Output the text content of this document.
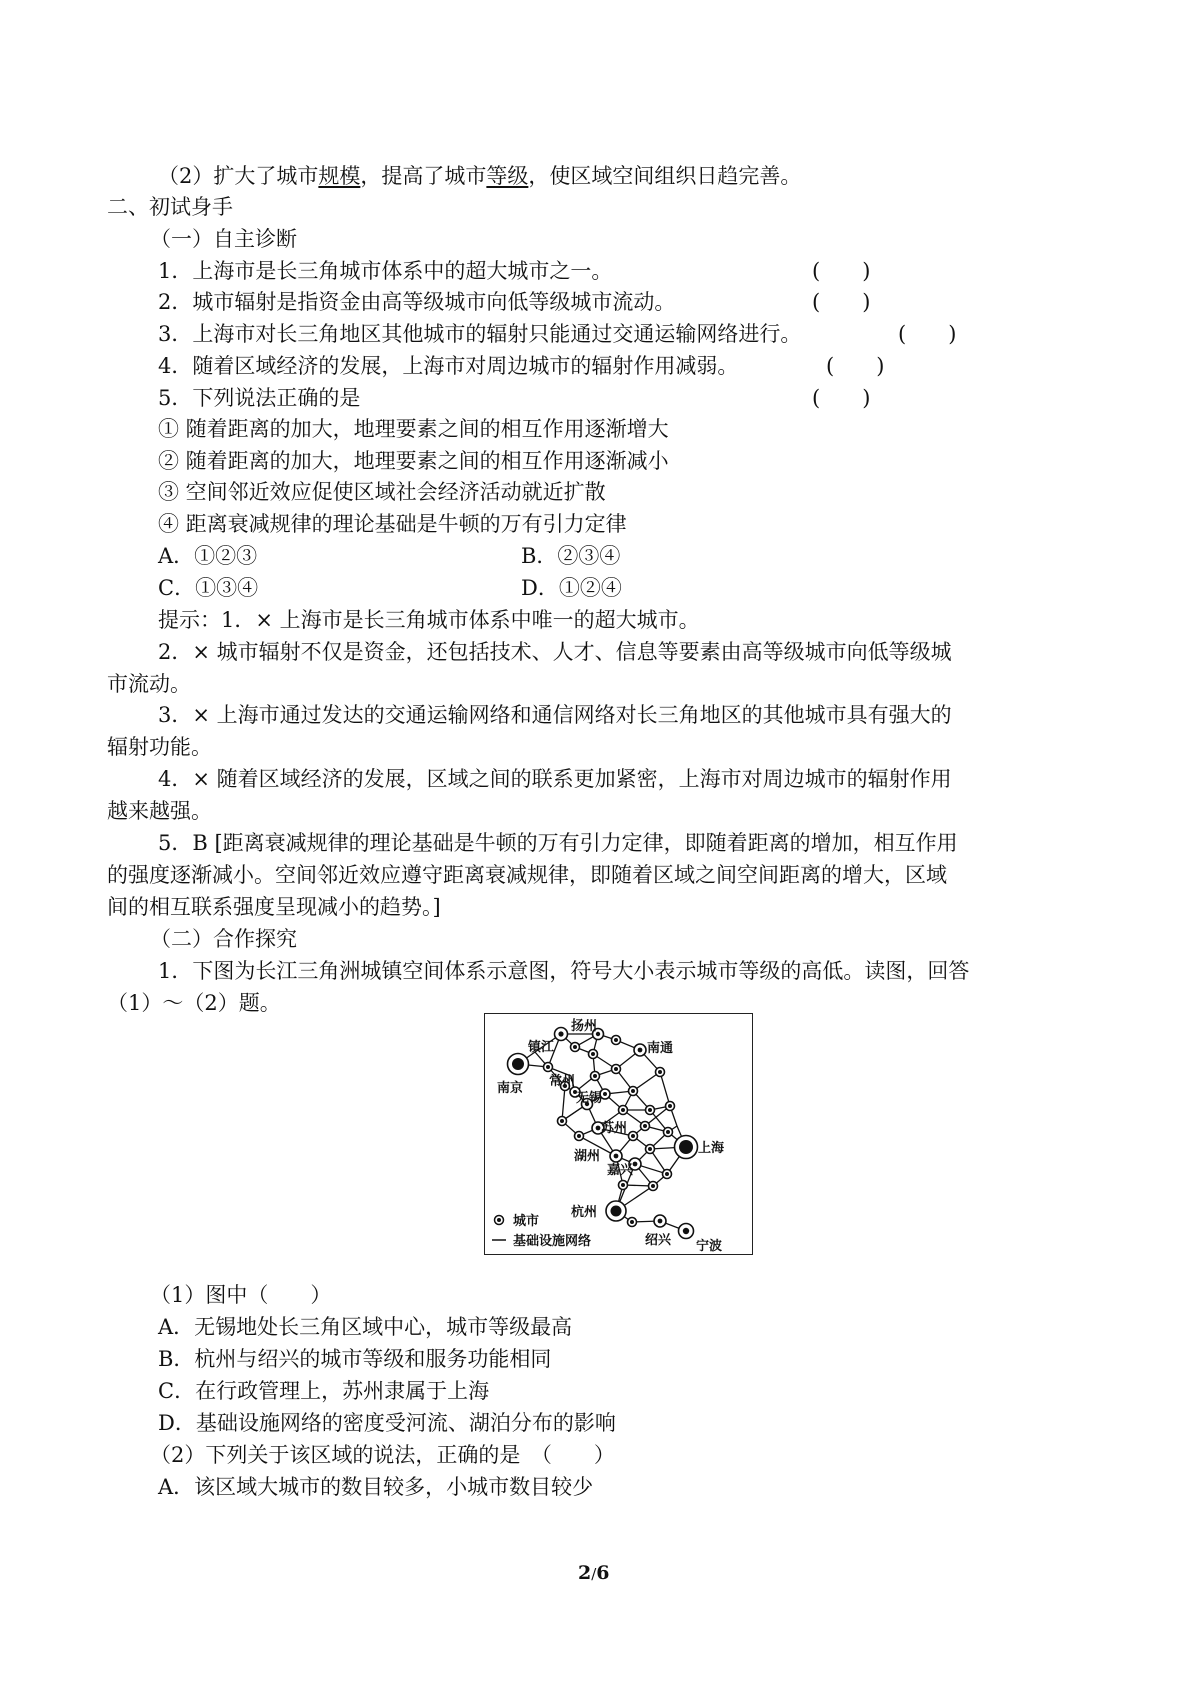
（2）扩大了城市规模，提高了城市等级，使区域空间组织日趋完善。
二、初试身手
（一）自主诊断
1．上海市是长三角城市体系中的超大城市之一。	(　　)
2．城市辐射是指资金由高等级城市向低等级城市流动。	(　　)
3．上海市对长三角地区其他城市的辐射只能通过交通运输网络进行。	(　　)
4．随着区域经济的发展，上海市对周边城市的辐射作用减弱。	(　　)
5．下列说法正确的是	(　　)
① 随着距离的加大，地理要素之间的相互作用逐渐增大
② 随着距离的加大，地理要素之间的相互作用逐渐减小
③ 空间邻近效应促使区域社会经济活动就近扩散
④ 距离衰减规律的理论基础是牛顿的万有引力定律
A．①②③	B．②③④
C．①③④	D．①②④
提示：1．× 上海市是长三角城市体系中唯一的超大城市。
2．× 城市辐射不仅是资金，还包括技术、人才、信息等要素由高等级城市向低等级城
市流动。
3．× 上海市通过发达的交通运输网络和通信网络对长三角地区的其他城市具有强大的
辐射功能。
4．× 随着区域经济的发展，区域之间的联系更加紧密，上海市对周边城市的辐射作用
越来越强。
5．B [距离衰减规律的理论基础是牛顿的万有引力定律，即随着距离的增加，相互作用
的强度逐渐减小。空间邻近效应遵守距离衰减规律，即随着区域之间空间距离的增大，区域
间的相互联系强度呈现减小的趋势。]
（二）合作探究
1．下图为长江三角洲城镇空间体系示意图，符号大小表示城市等级的高低。读图，回答
（1）～（2）题。
扬州
镇江	南通
南京 常州
无锡
苏州
上海
湖州
嘉兴
杭州
绍兴 宁波
城市
基础设施网络
（1）图中（　　）
A．无锡地处长三角区域中心，城市等级最高
B．杭州与绍兴的城市等级和服务功能相同
C．在行政管理上，苏州隶属于上海
D．基础设施网络的密度受河流、湖泊分布的影响
（2）下列关于该区域的说法，正确的是　（　　）
A．该区域大城市的数目较多，小城市数目较少
2/6
